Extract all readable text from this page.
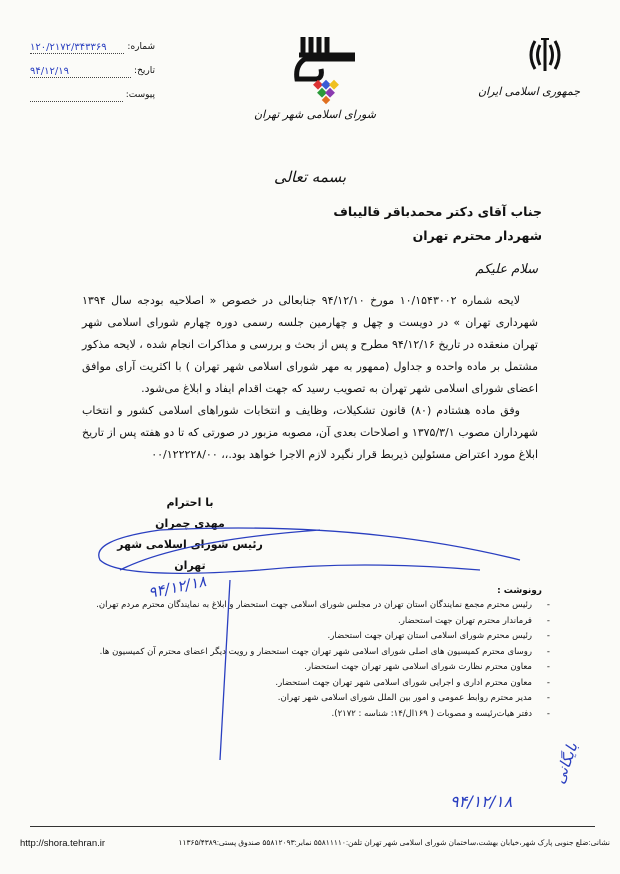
جمهوری اسلامی ایران
شورای اسلامی شهر تهران
شماره:
۱۲۰/۲۱۷۲/۳۴۳۳۶۹
تاریخ:
۹۴/۱۲/۱۹
پیوست:

بسمه تعالی
جناب آقای دکتر محمدباقر قالیباف
شهردار محترم تهران
سلام علیکم

لایحه شماره ۱۰/۱۵۴۳۰۰۲ مورخ ۹۴/۱۲/۱۰ جنابعالی در خصوص « اصلاحیه بودجه سال ۱۳۹۴ شهرداری تهران » در دویست و چهل و چهارمین جلسه رسمی دوره چهارم شورای اسلامی شهر تهران منعقده در تاریخ ۹۴/۱۲/۱۶ مطرح و پس از بحث و بررسی و مذاکرات انجام شده ، لایحه مذکور مشتمل بر ماده واحده و جداول (ممهور به مهر شورای اسلامی شهر تهران ) با اکثریت آرای موافق اعضای شورای اسلامی شهر تهران به تصویب رسید که جهت اقدام ایفاد و ابلاغ می‌شود.

وفق ماده هشتادم (۸۰) قانون تشکیلات، وظایف و انتخابات شوراهای اسلامی کشور و انتخاب شهرداران مصوب ۱۳۷۵/۳/۱ و اصلاحات بعدی آن، مصوبه مزبور در صورتی که تا دو هفته پس از تاریخ ابلاغ مورد اعتراض مسئولین ذیربط قرار نگیرد لازم الاجرا خواهد بود.،، ۰۰/۱۲۲۲۲۸/۰۰

با احترام
مهدی چمران
رئیس شورای اسلامی شهر تهران
۹۴/۱۲/۱۸	رونوشت :
- رئیس محترم مجمع نمایندگان استان تهران در مجلس شورای اسلامی جهت استحضار و ابلاغ به نمایندگان محترم مردم تهران.
- فرماندار محترم تهران جهت استحضار.
- رئیس محترم شورای اسلامی استان تهران جهت استحضار.
- روسای محترم کمیسیون های اصلی شورای اسلامی شهر تهران جهت استحضار و رویت دیگر اعضای محترم آن کمیسیون ها.
- معاون محترم نظارت شورای اسلامی شهر تهران جهت استحضار.
- معاون محترم اداری و اجرایی شورای اسلامی شهر تهران جهت استحضار.
- مدیر محترم روابط عمومی و امور بین الملل شورای اسلامی شهر تهران.
- دفتر هیات‌رئیسه و مصوبات ( ۱۶۹ال/۱۴: شناسه : ۲۱۷۲).
بایگانی
۹۴/۱۲/۱۸
http://shora.tehran.ir	نشانی:ضلع جنوبی پارک شهر،خیابان بهشت،ساختمان شورای اسلامی شهر تهران تلفن:۵۵۸۱۱۱۱۰ نمابر:۵۵۸۱۲۰۹۳ صندوق پستی:۱۱۳۶۵/۴۳۸۹
